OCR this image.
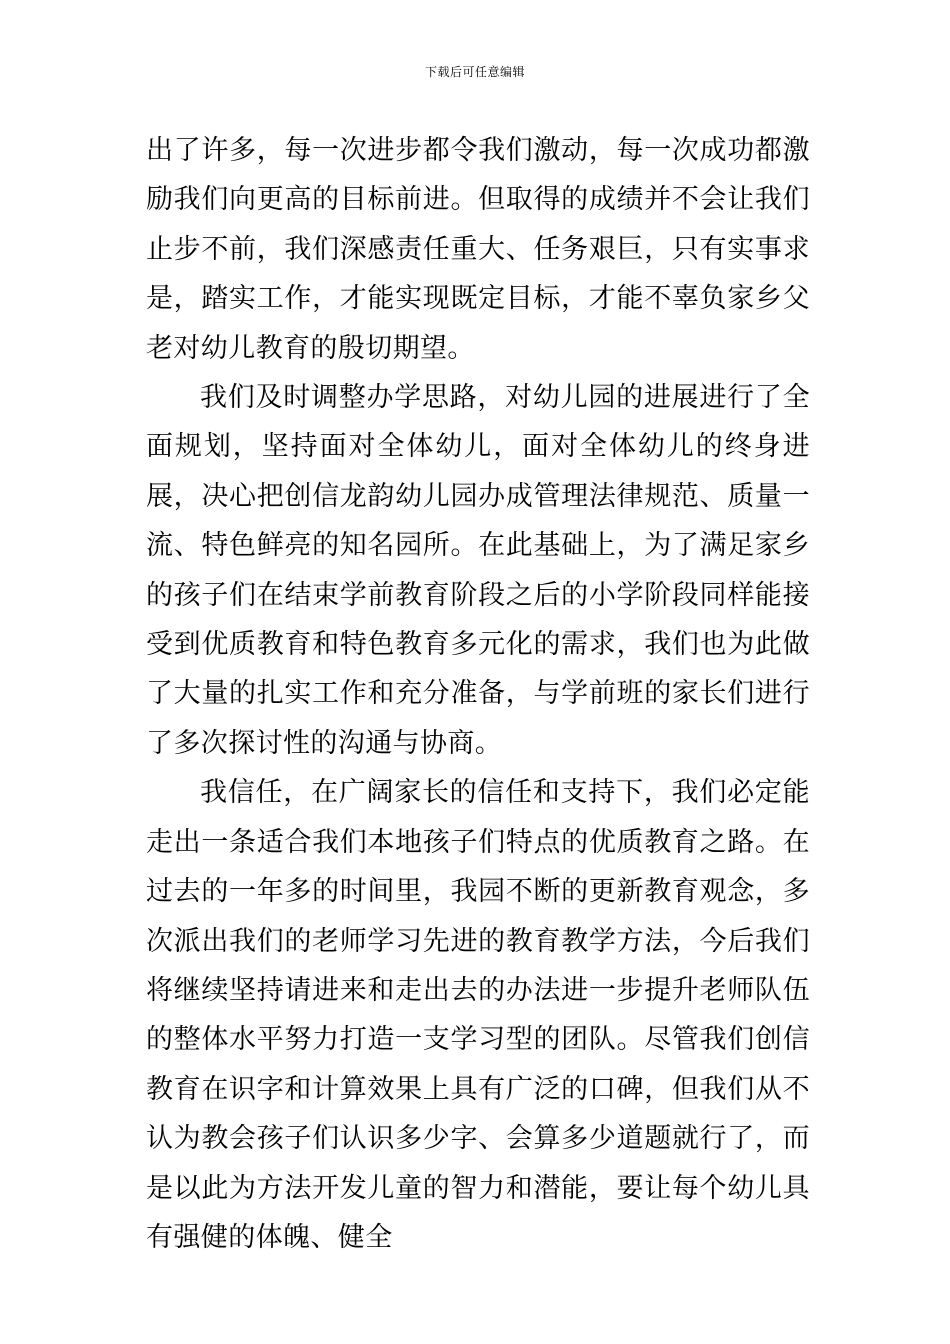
下载后可任意编辑

出了许多，每一次进步都令我们激动，每一次成功都激励我们向更高的目标前进。但取得的成绩并不会让我们止步不前，我们深感责任重大、任务艰巨，只有实事求是，踏实工作，才能实现既定目标，才能不辜负家乡父老对幼儿教育的殷切期望。

我们及时调整办学思路，对幼儿园的进展进行了全面规划，坚持面对全体幼儿，面对全体幼儿的终身进展，决心把创信龙韵幼儿园办成管理法律规范、质量一流、特色鲜亮的知名园所。在此基础上，为了满足家乡的孩子们在结束学前教育阶段之后的小学阶段同样能接受到优质教育和特色教育多元化的需求，我们也为此做了大量的扎实工作和充分准备，与学前班的家长们进行了多次探讨性的沟通与协商。

我信任，在广阔家长的信任和支持下，我们必定能走出一条适合我们本地孩子们特点的优质教育之路。在过去的一年多的时间里，我园不断的更新教育观念，多次派出我们的老师学习先进的教育教学方法，今后我们将继续坚持请进来和走出去的办法进一步提升老师队伍的整体水平努力打造一支学习型的团队。尽管我们创信教育在识字和计算效果上具有广泛的口碑，但我们从不认为教会孩子们认识多少字、会算多少道题就行了，而是以此为方法开发儿童的智力和潜能，要让每个幼儿具有强健的体魄、健全
